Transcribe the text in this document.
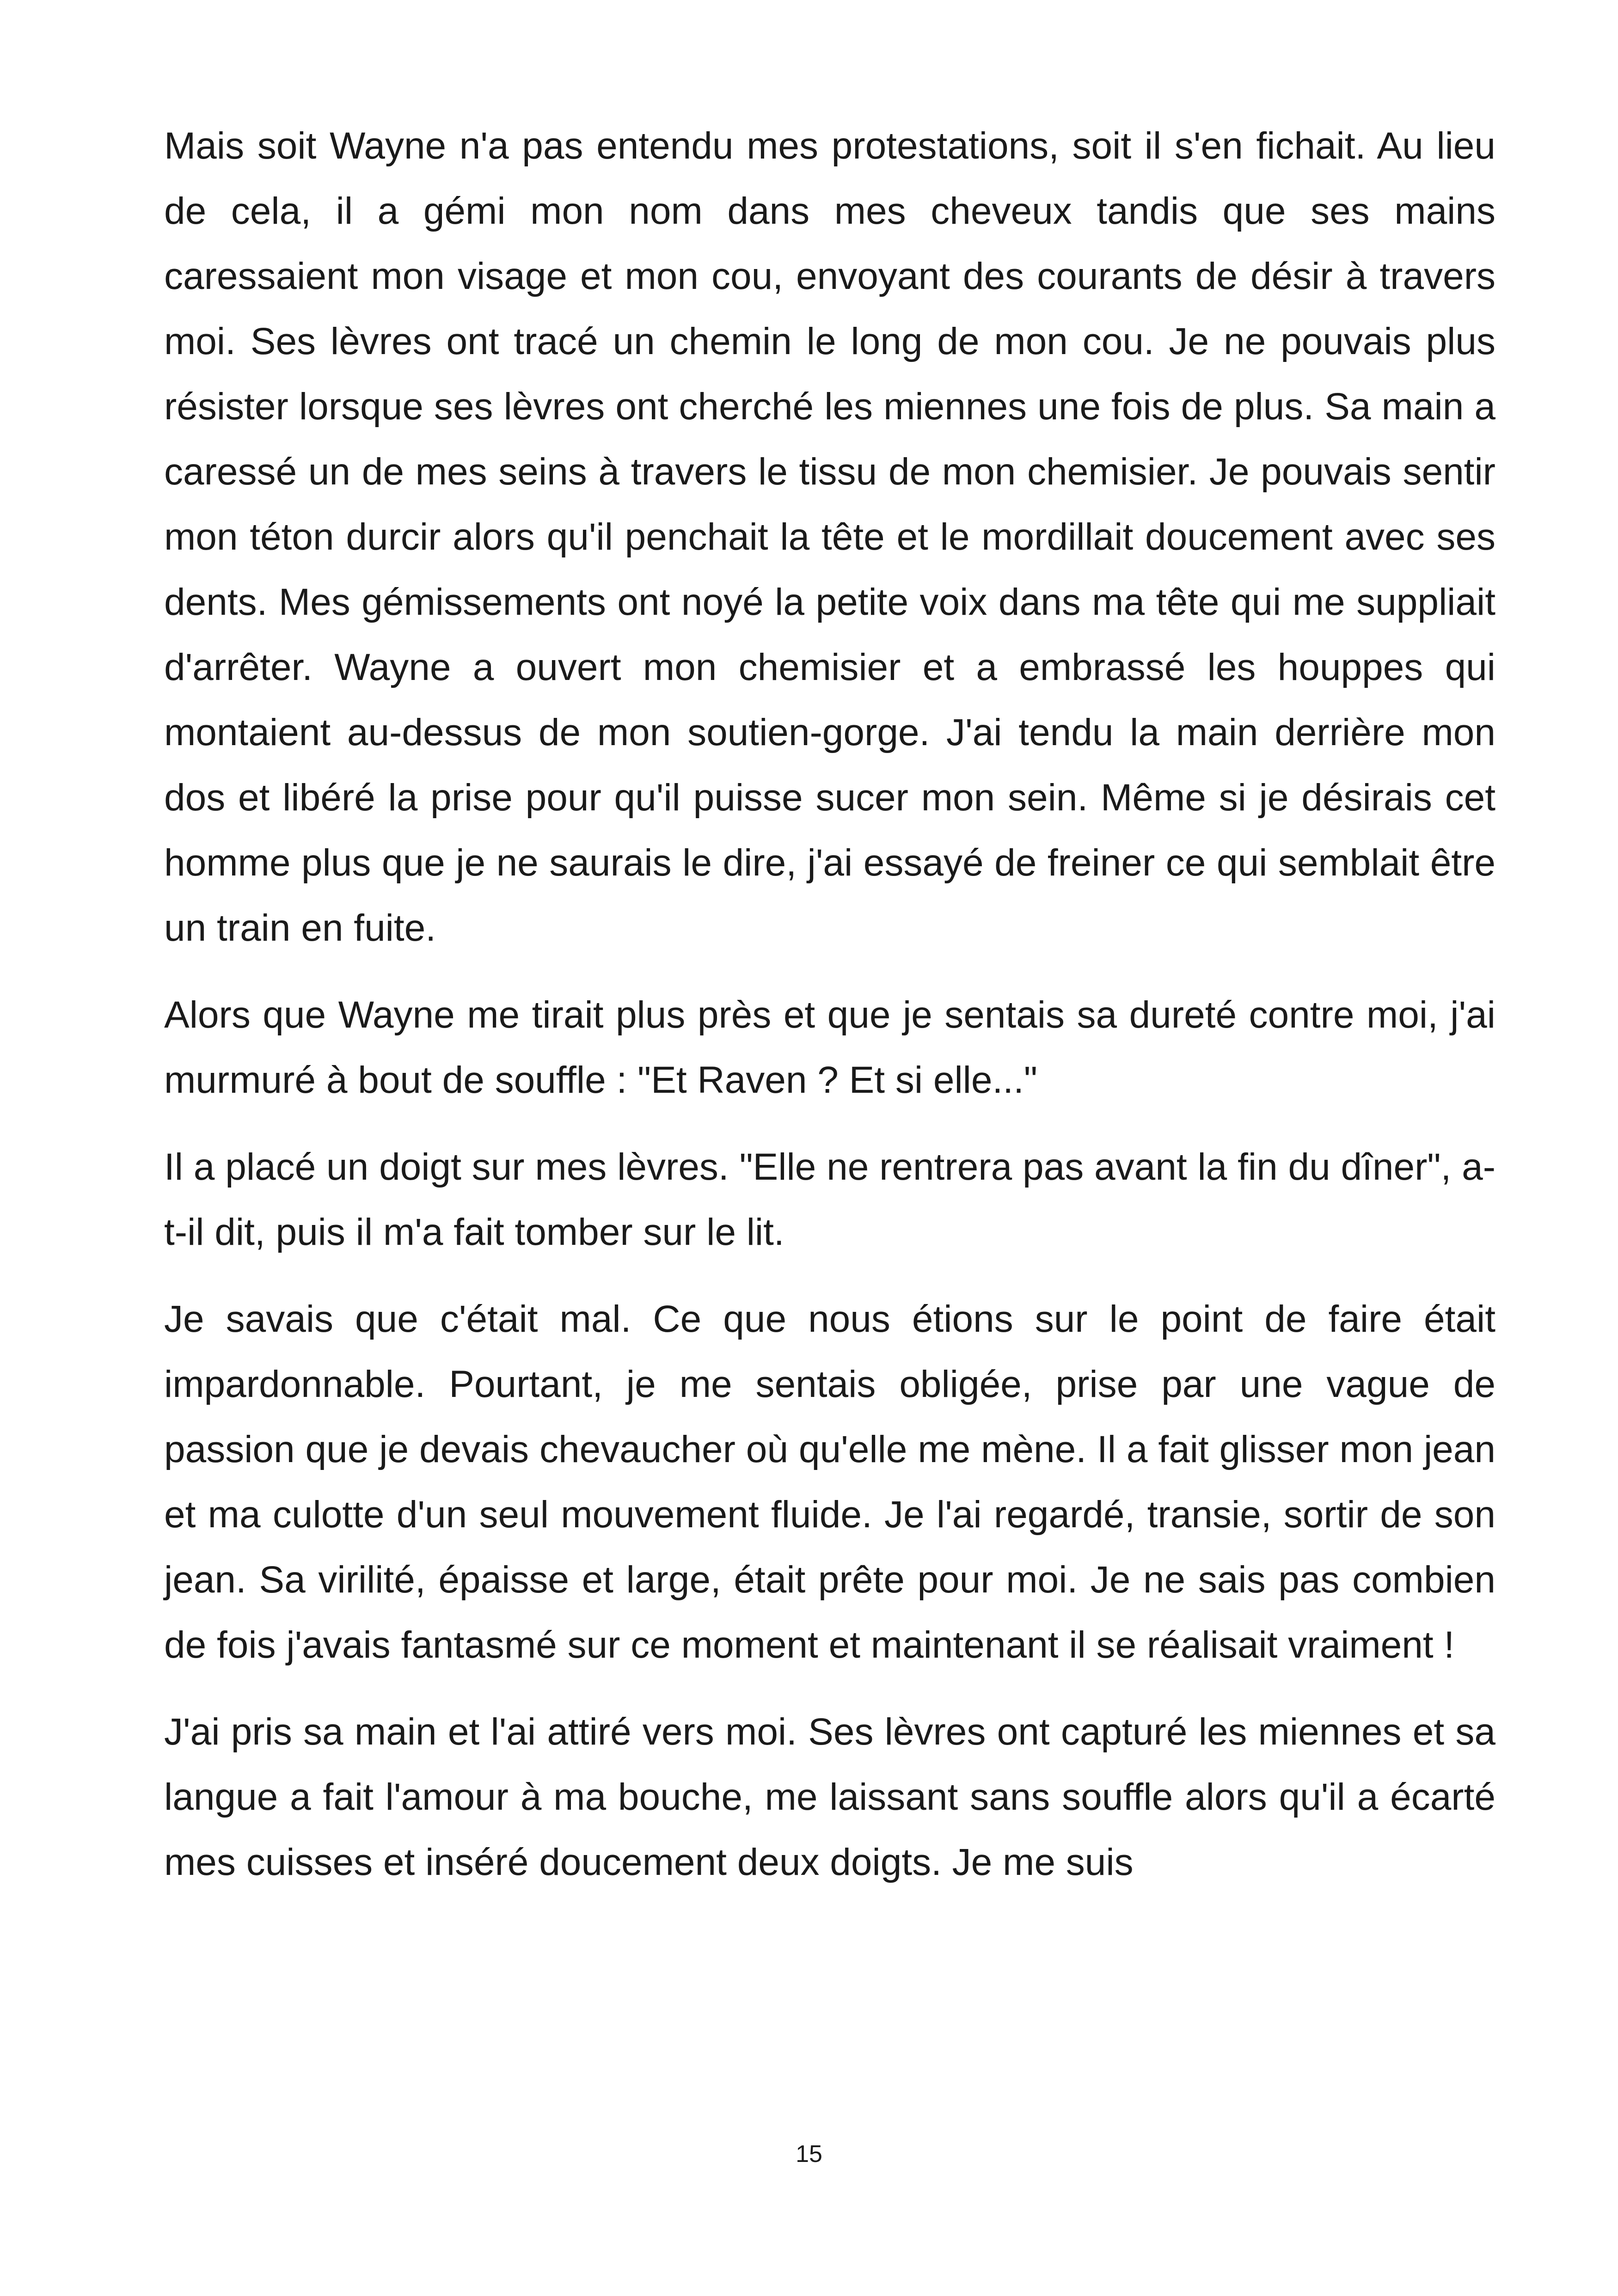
Mais soit Wayne n'a pas entendu mes protestations, soit il s'en fichait. Au lieu de cela, il a gémi mon nom dans mes cheveux tandis que ses mains caressaient mon visage et mon cou, envoyant des courants de désir à travers moi. Ses lèvres ont tracé un chemin le long de mon cou. Je ne pouvais plus résister lorsque ses lèvres ont cherché les miennes une fois de plus. Sa main a caressé un de mes seins à travers le tissu de mon chemisier. Je pouvais sentir mon téton durcir alors qu'il penchait la tête et le mordillait doucement avec ses dents. Mes gémissements ont noyé la petite voix dans ma tête qui me suppliait d'arrêter. Wayne a ouvert mon chemisier et a embrassé les houppes qui montaient au-dessus de mon soutien-gorge. J'ai tendu la main derrière mon dos et libéré la prise pour qu'il puisse sucer mon sein. Même si je désirais cet homme plus que je ne saurais le dire, j'ai essayé de freiner ce qui semblait être un train en fuite.

Alors que Wayne me tirait plus près et que je sentais sa dureté contre moi, j'ai murmuré à bout de souffle : "Et Raven ? Et si elle..."

Il a placé un doigt sur mes lèvres. "Elle ne rentrera pas avant la fin du dîner", a-t-il dit, puis il m'a fait tomber sur le lit.

Je savais que c'était mal. Ce que nous étions sur le point de faire était impardonnable. Pourtant, je me sentais obligée, prise par une vague de passion que je devais chevaucher où qu'elle me mène. Il a fait glisser mon jean et ma culotte d'un seul mouvement fluide. Je l'ai regardé, transie, sortir de son jean. Sa virilité, épaisse et large, était prête pour moi. Je ne sais pas combien de fois j'avais fantasmé sur ce moment et maintenant il se réalisait vraiment !

J'ai pris sa main et l'ai attiré vers moi. Ses lèvres ont capturé les miennes et sa langue a fait l'amour à ma bouche, me laissant sans souffle alors qu'il a écarté mes cuisses et inséré doucement deux doigts. Je me suis

15
